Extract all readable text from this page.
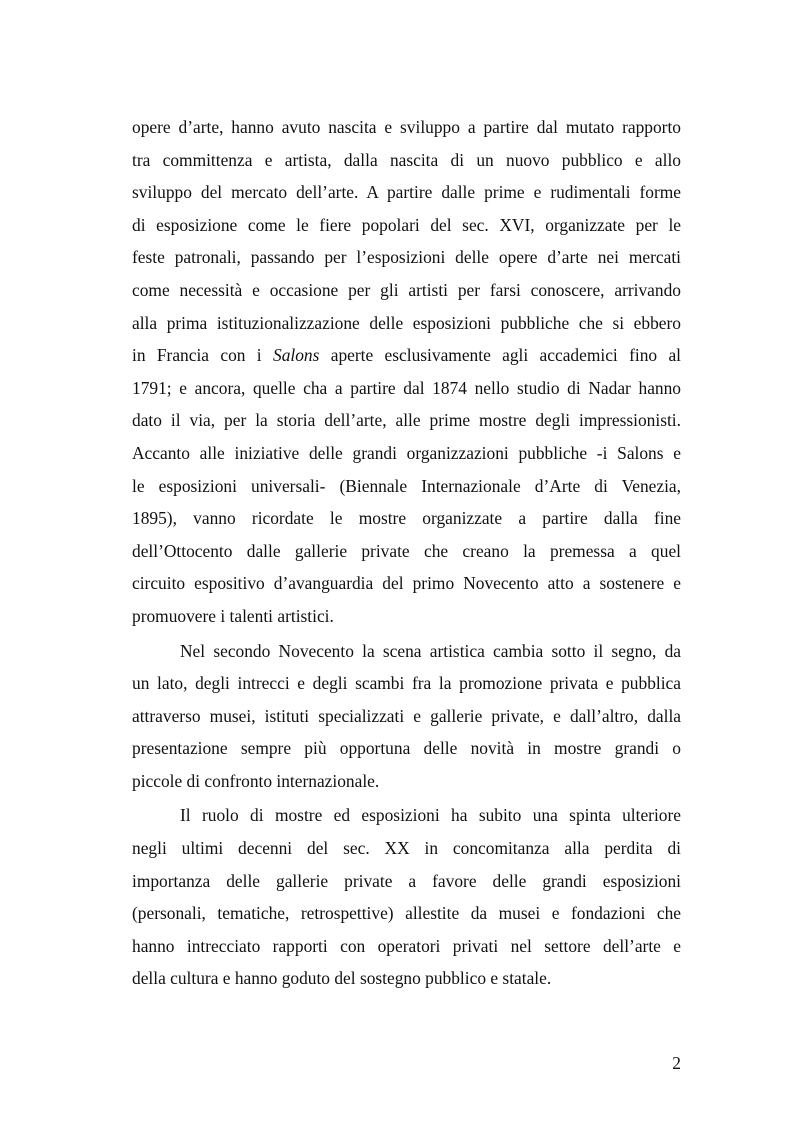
opere d’arte, hanno avuto nascita e sviluppo a partire dal mutato rapporto
tra committenza e artista, dalla nascita di un nuovo pubblico e allo
sviluppo del mercato dell’arte. A partire dalle prime e rudimentali forme
di esposizione come le fiere popolari del sec. XVI, organizzate per le
feste patronali, passando per l’esposizioni delle opere d’arte nei mercati
come necessità e occasione per gli artisti per farsi conoscere, arrivando
alla prima istituzionalizzazione delle esposizioni pubbliche che si ebbero
in Francia con i Salons aperte esclusivamente agli accademici fino al
1791; e ancora, quelle cha a partire dal 1874 nello studio di Nadar hanno
dato il via, per la storia dell’arte, alle prime mostre degli impressionisti.
Accanto alle iniziative delle grandi organizzazioni pubbliche -i Salons e
le esposizioni universali- (Biennale Internazionale d’Arte di Venezia,
1895), vanno ricordate le mostre organizzate a partire dalla fine
dell’Ottocento dalle gallerie private che creano la premessa a quel
circuito espositivo d’avanguardia del primo Novecento atto a sostenere e
promuovere i talenti artistici.
Nel secondo Novecento la scena artistica cambia sotto il segno, da
un lato, degli intrecci e degli scambi fra la promozione privata e pubblica
attraverso musei, istituti specializzati e gallerie private, e dall’altro, dalla
presentazione sempre più opportuna delle novità in mostre grandi o
piccole di confronto internazionale.
Il ruolo di mostre ed esposizioni ha subito una spinta ulteriore
negli ultimi decenni del sec. XX in concomitanza alla perdita di
importanza delle gallerie private a favore delle grandi esposizioni
(personali, tematiche, retrospettive) allestite da musei e fondazioni che
hanno intrecciato rapporti con operatori privati nel settore dell’arte e
della cultura e hanno goduto del sostegno pubblico e statale.
2
